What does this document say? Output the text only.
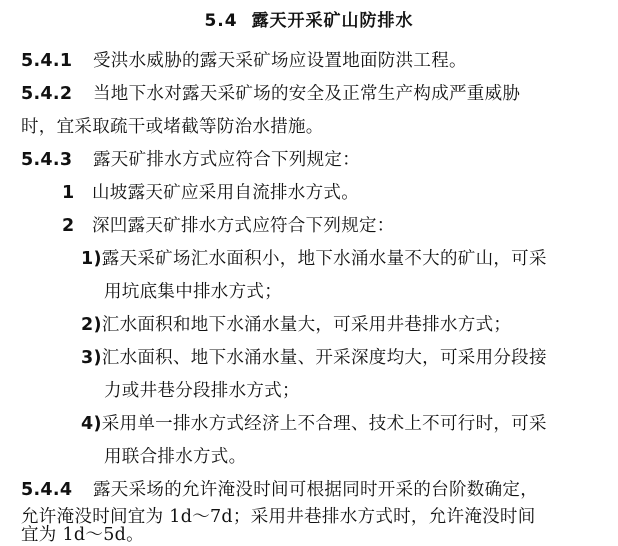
5.4 露天开采矿山防排水
5.4.1 受洪水威胁的露天采矿场应设置地面防洪工程。
5.4.2 当地下水对露天采矿场的安全及正常生产构成严重威胁
时，宜采取疏干或堵截等防治水措施。
5.4.3 露天矿排水方式应符合下列规定：
1 山坡露天矿应采用自流排水方式。
2 深凹露天矿排水方式应符合下列规定：
1)露天采矿场汇水面积小，地下水涌水量不大的矿山，可采
用坑底集中排水方式；
2)汇水面积和地下水涌水量大，可采用井巷排水方式；
3)汇水面积、地下水涌水量、开采深度均大，可采用分段接
力或井巷分段排水方式；
4)采用单一排水方式经济上不合理、技术上不可行时，可采
用联合排水方式。
5.4.4 露天采场的允许淹没时间可根据同时开采的台阶数确定，
允许淹没时间宜为 1d～7d；采用井巷排水方式时，允许淹没时间
宜为 1d～5d。
